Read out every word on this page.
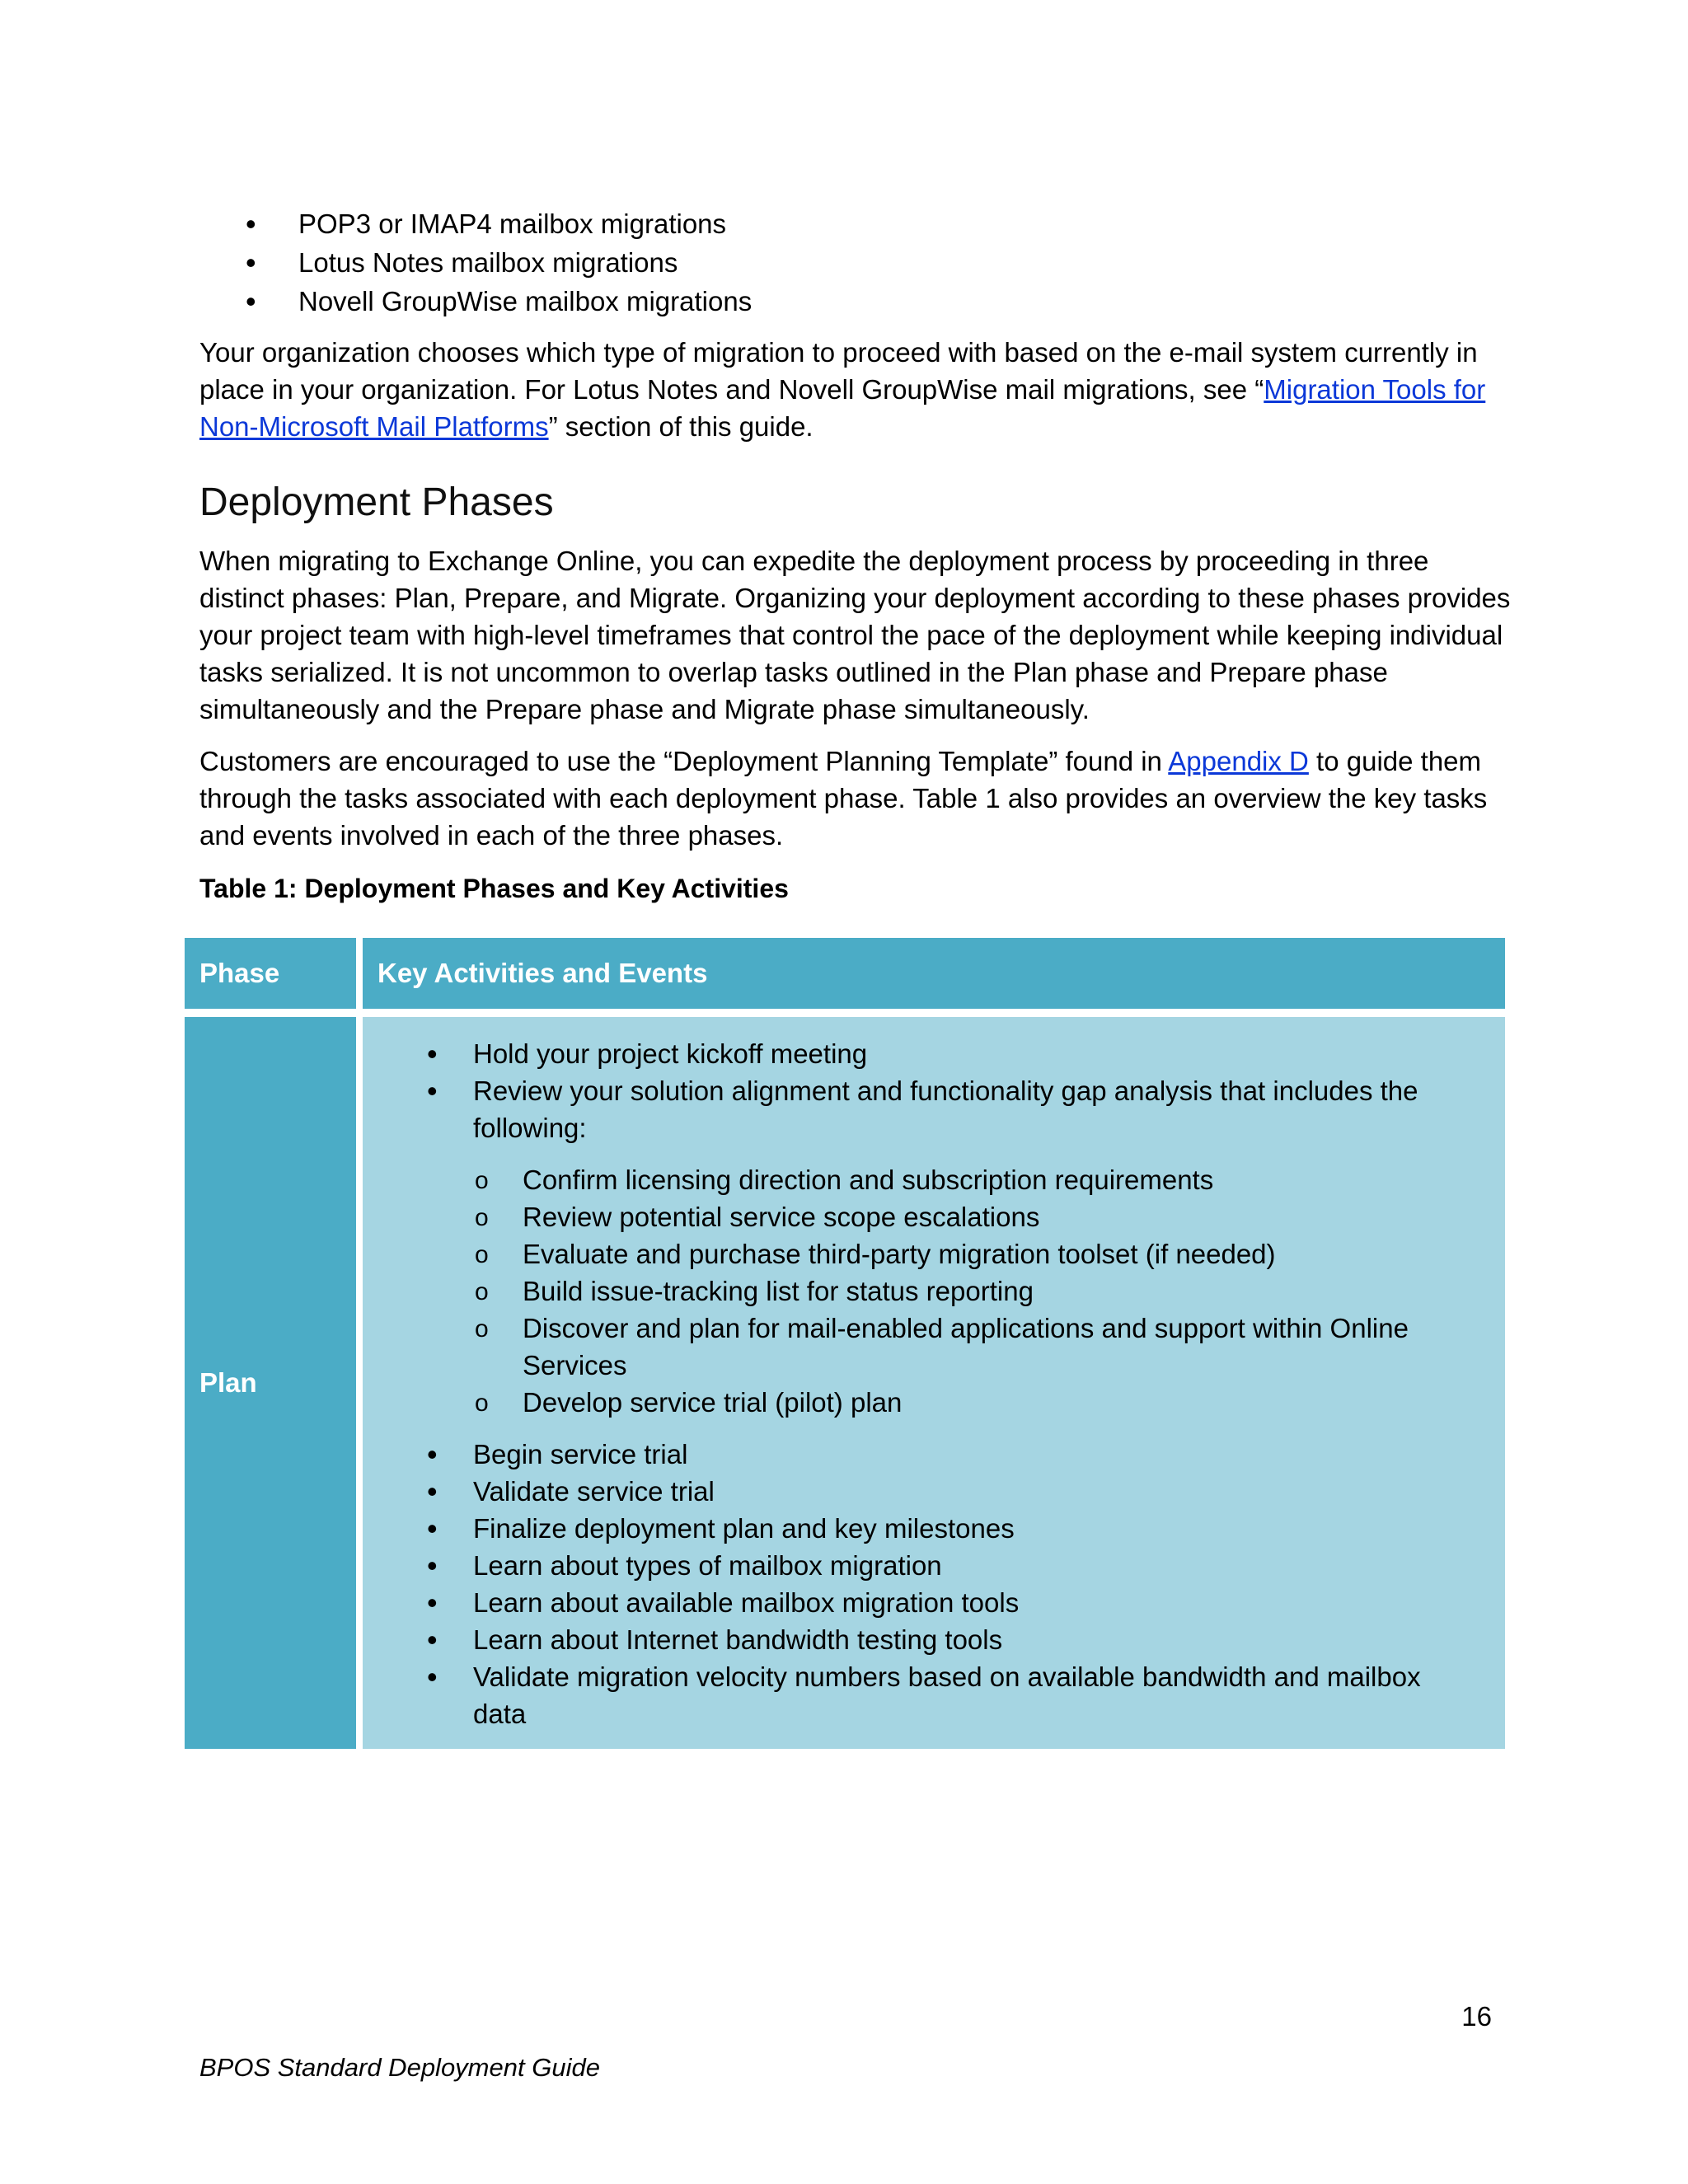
• POP3 or IMAP4 mailbox migrations
• Lotus Notes mailbox migrations
• Novell GroupWise mailbox migrations

Your organization chooses which type of migration to proceed with based on the e-mail system currently in place in your organization. For Lotus Notes and Novell GroupWise mail migrations, see “Migration Tools for Non-Microsoft Mail Platforms” section of this guide.

Deployment Phases

When migrating to Exchange Online, you can expedite the deployment process by proceeding in three distinct phases: Plan, Prepare, and Migrate. Organizing your deployment according to these phases provides your project team with high-level timeframes that control the pace of the deployment while keeping individual tasks serialized. It is not uncommon to overlap tasks outlined in the Plan phase and Prepare phase simultaneously and the Prepare phase and Migrate phase simultaneously.

Customers are encouraged to use the “Deployment Planning Template” found in Appendix D to guide them through the tasks associated with each deployment phase. Table 1 also provides an overview the key tasks and events involved in each of the three phases.

Table 1: Deployment Phases and Key Activities

Phase	Key Activities and Events
Plan
• Hold your project kickoff meeting
• Review your solution alignment and functionality gap analysis that includes the following:
o Confirm licensing direction and subscription requirements
o Review potential service scope escalations
o Evaluate and purchase third-party migration toolset (if needed)
o Build issue-tracking list for status reporting
o Discover and plan for mail-enabled applications and support within Online Services
o Develop service trial (pilot) plan
• Begin service trial
• Validate service trial
• Finalize deployment plan and key milestones
• Learn about types of mailbox migration
• Learn about available mailbox migration tools
• Learn about Internet bandwidth testing tools
• Validate migration velocity numbers based on available bandwidth and mailbox data
16
BPOS Standard Deployment Guide
